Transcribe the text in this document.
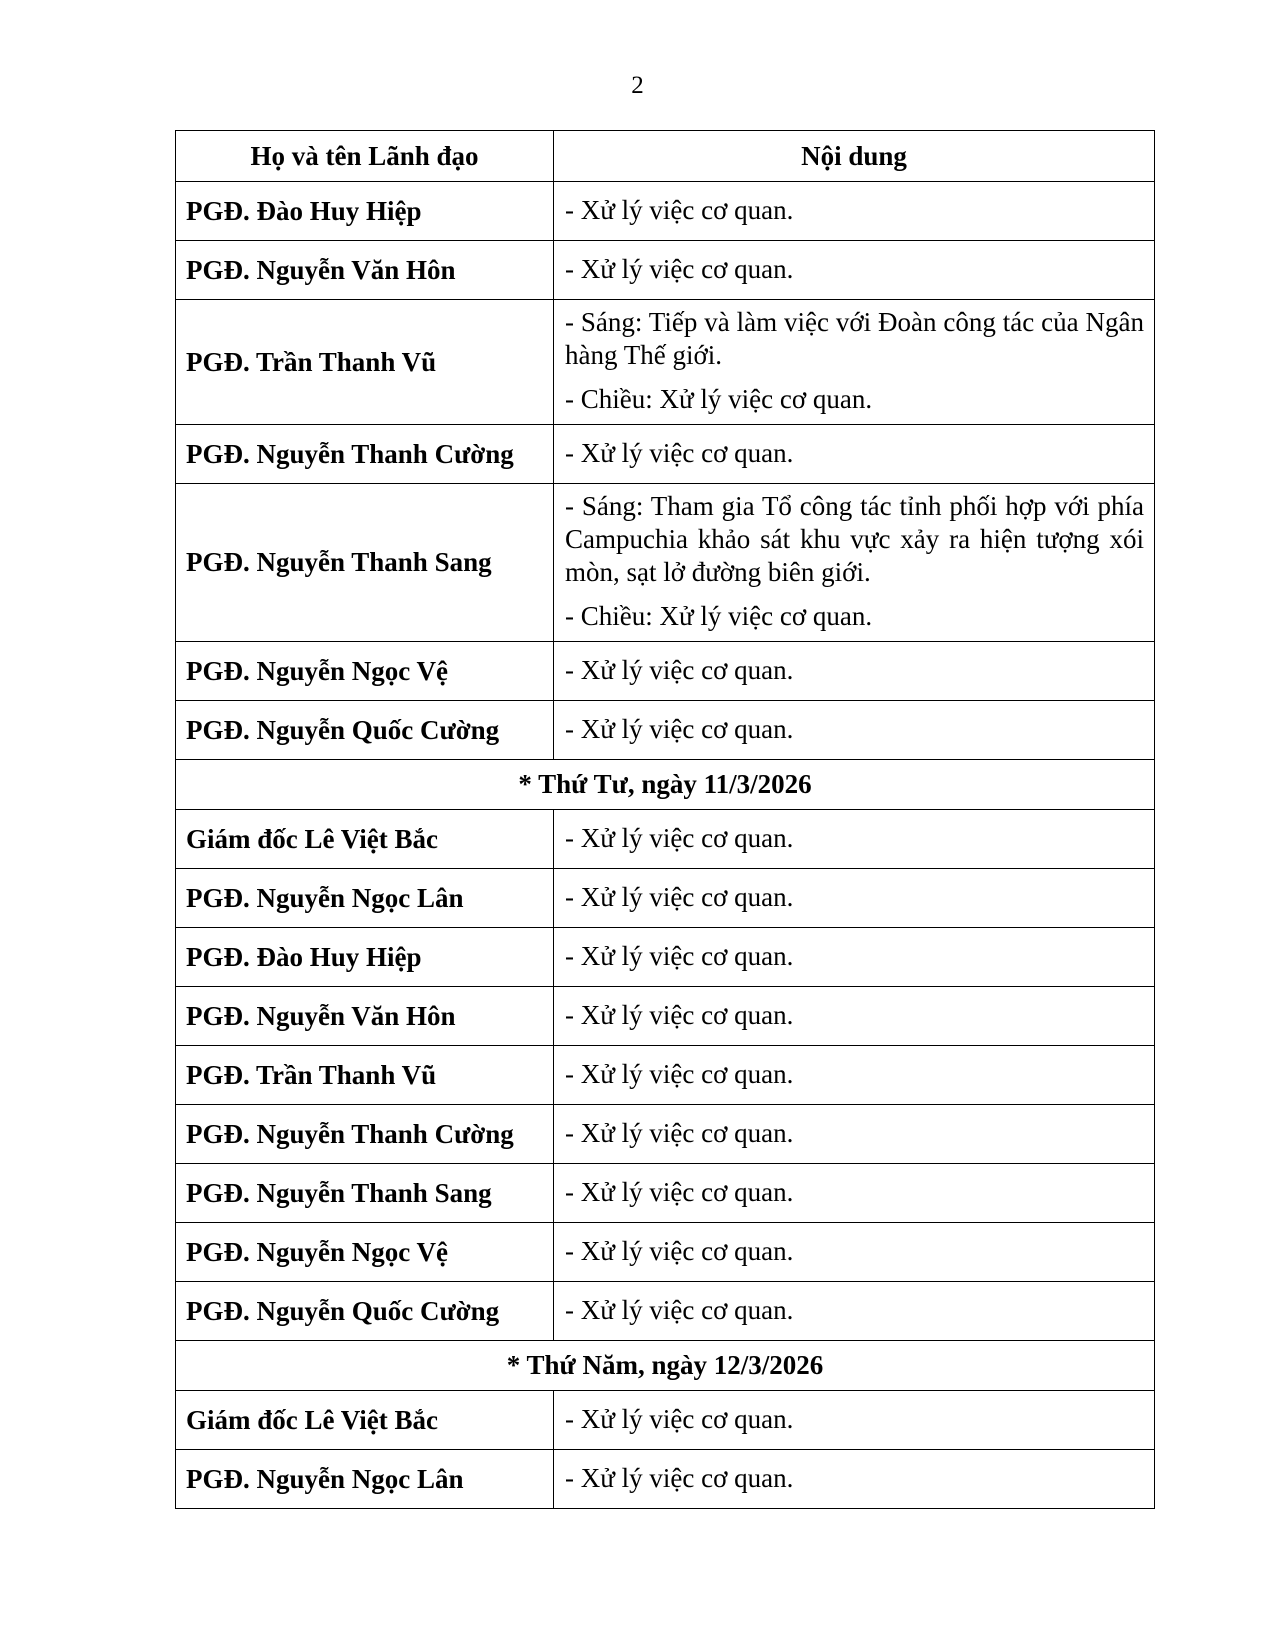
2
Họ và tên Lãnh đạo	Nội dung
PGĐ. Đào Huy Hiệp	- Xử lý việc cơ quan.

PGĐ. Nguyễn Văn Hôn	- Xử lý việc cơ quan.

PGĐ. Trần Thanh Vũ	- Sáng: Tiếp và làm việc với Đoàn công tác của Ngân hàng Thế giới.

- Chiều: Xử lý việc cơ quan.

PGĐ. Nguyễn Thanh Cường	- Xử lý việc cơ quan.

PGĐ. Nguyễn Thanh Sang	- Sáng: Tham gia Tổ công tác tỉnh phối hợp với phía Campuchia khảo sát khu vực xảy ra hiện tượng xói mòn, sạt lở đường biên giới.

- Chiều: Xử lý việc cơ quan.

PGĐ. Nguyễn Ngọc Vệ	- Xử lý việc cơ quan.

PGĐ. Nguyễn Quốc Cường	- Xử lý việc cơ quan.

* Thứ Tư, ngày 11/3/2026	
Giám đốc Lê Việt Bắc	- Xử lý việc cơ quan.

PGĐ. Nguyễn Ngọc Lân	- Xử lý việc cơ quan.

PGĐ. Đào Huy Hiệp	- Xử lý việc cơ quan.

PGĐ. Nguyễn Văn Hôn	- Xử lý việc cơ quan.

PGĐ. Trần Thanh Vũ	- Xử lý việc cơ quan.

PGĐ. Nguyễn Thanh Cường	- Xử lý việc cơ quan.

PGĐ. Nguyễn Thanh Sang	- Xử lý việc cơ quan.

PGĐ. Nguyễn Ngọc Vệ	- Xử lý việc cơ quan.

PGĐ. Nguyễn Quốc Cường	- Xử lý việc cơ quan.

* Thứ Năm, ngày 12/3/2026	
Giám đốc Lê Việt Bắc	- Xử lý việc cơ quan.

PGĐ. Nguyễn Ngọc Lân	- Xử lý việc cơ quan.
